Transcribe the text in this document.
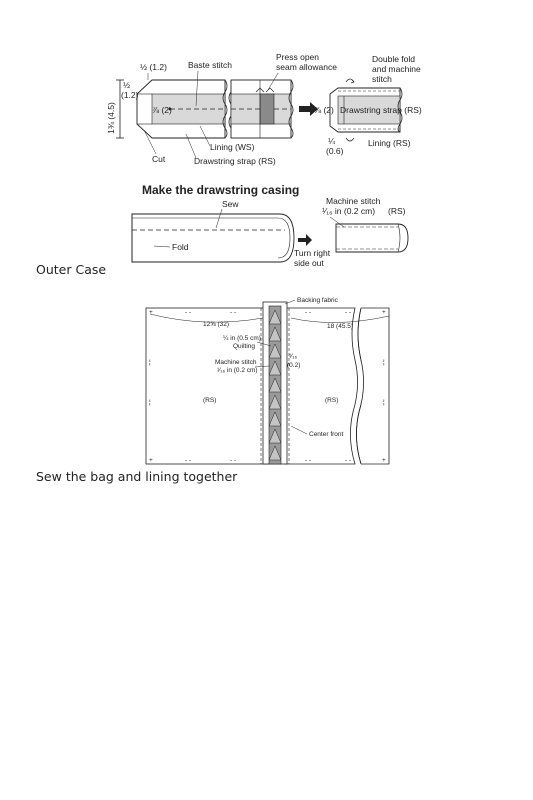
1¾ (4.5)
½ (1.2) Baste stitch
Press open
seam allowance
Double fold
and machine
stitch
½
(1.2)
⅞ (2)	⅞ (2) Drawstring strap (RS)
¼
(0.6)
Lining (RS)
Lining (WS)
Cut	Drawstring strap (RS)
Make the drawstring casing
Sew
Fold
Turn right
side out
Machine stitch
¹⁄₁₆ in (0.2 cm) (RS)
Outer Case
+
+
+
+
- -	- -
- -	- -
- -	- -
- -	- -
¦
¦
¦
¦
Backing fabric
12⅝ (32)	18 (45.5)
¼ in (0.5 cm)
Quilting
¹⁄₁₆
(0.2)
Machine stitch
¹⁄₁₆ in (0.2 cm)
(RS)	(RS)
Center front
Sew the bag and lining together
